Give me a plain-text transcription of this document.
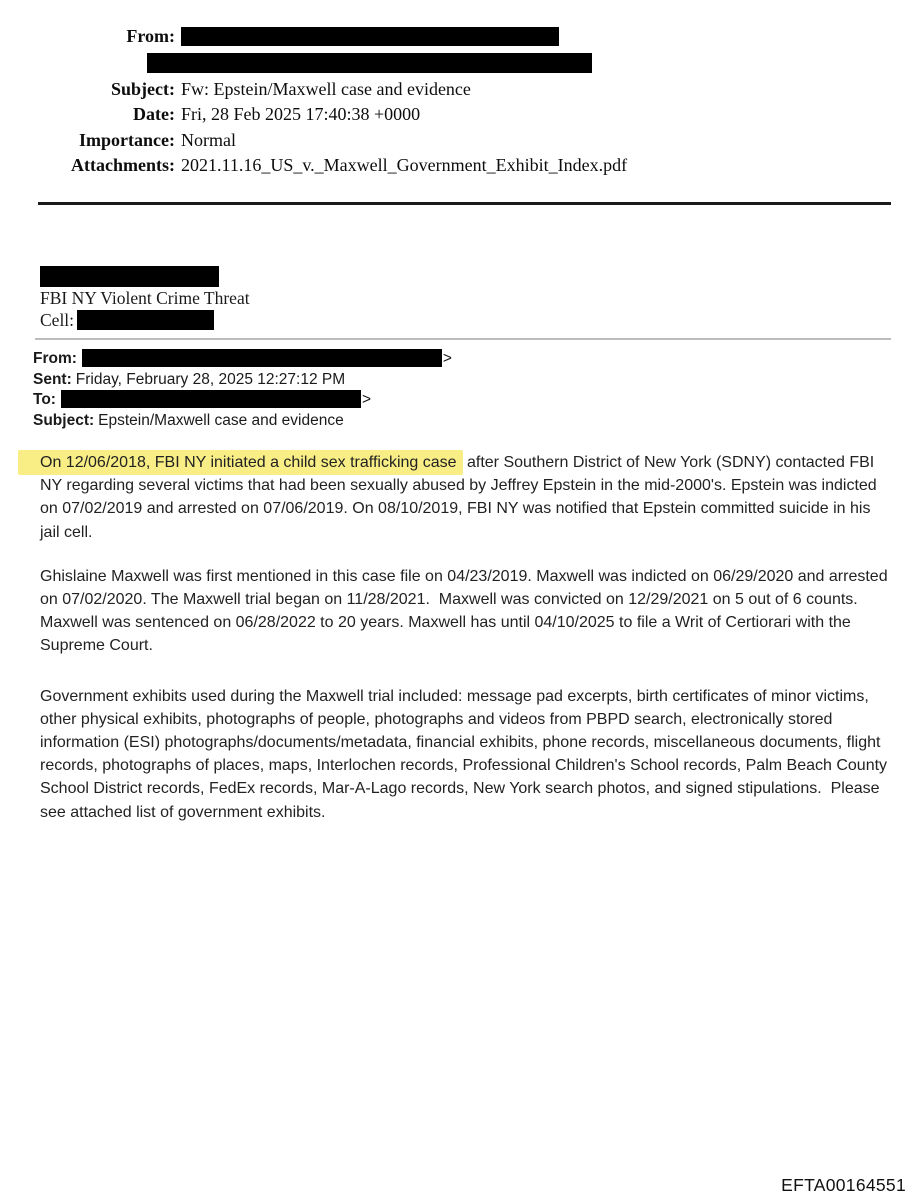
From:
Subject: Fw: Epstein/Maxwell case and evidence
Date: Fri, 28 Feb 2025 17:40:38 +0000
Importance: Normal
Attachments: 2021.11.16_US_v._Maxwell_Government_Exhibit_Index.pdf
FBI NY Violent Crime Threat
Cell:
From:	>
Sent: Friday, February 28, 2025 12:27:12 PM
To:	>
Subject: Epstein/Maxwell case and evidence

On 12/06/2018, FBI NY initiated a child sex trafficking case after Southern District of New York (SDNY) contacted FBI NY regarding several victims that had been sexually abused by Jeffrey Epstein in the mid-2000's. Epstein was indicted on 07/02/2019 and arrested on 07/06/2019. On 08/10/2019, FBI NY was notified that Epstein committed suicide in his jail cell.

Ghislaine Maxwell was first mentioned in this case file on 04/23/2019. Maxwell was indicted on 06/29/2020 and arrested on 07/02/2020. The Maxwell trial began on 11/28/2021.  Maxwell was convicted on 12/29/2021 on 5 out of 6 counts. Maxwell was sentenced on 06/28/2022 to 20 years. Maxwell has until 04/10/2025 to file a Writ of Certiorari with the Supreme Court.

Government exhibits used during the Maxwell trial included: message pad excerpts, birth certificates of minor victims, other physical exhibits, photographs of people, photographs and videos from PBPD search, electronically stored information (ESI) photographs/documents/metadata, financial exhibits, phone records, miscellaneous documents, flight records, photographs of places, maps, Interlochen records, Professional Children's School records, Palm Beach County School District records, FedEx records, Mar-A-Lago records, New York search photos, and signed stipulations.  Please see attached list of government exhibits.

EFTA00164551
